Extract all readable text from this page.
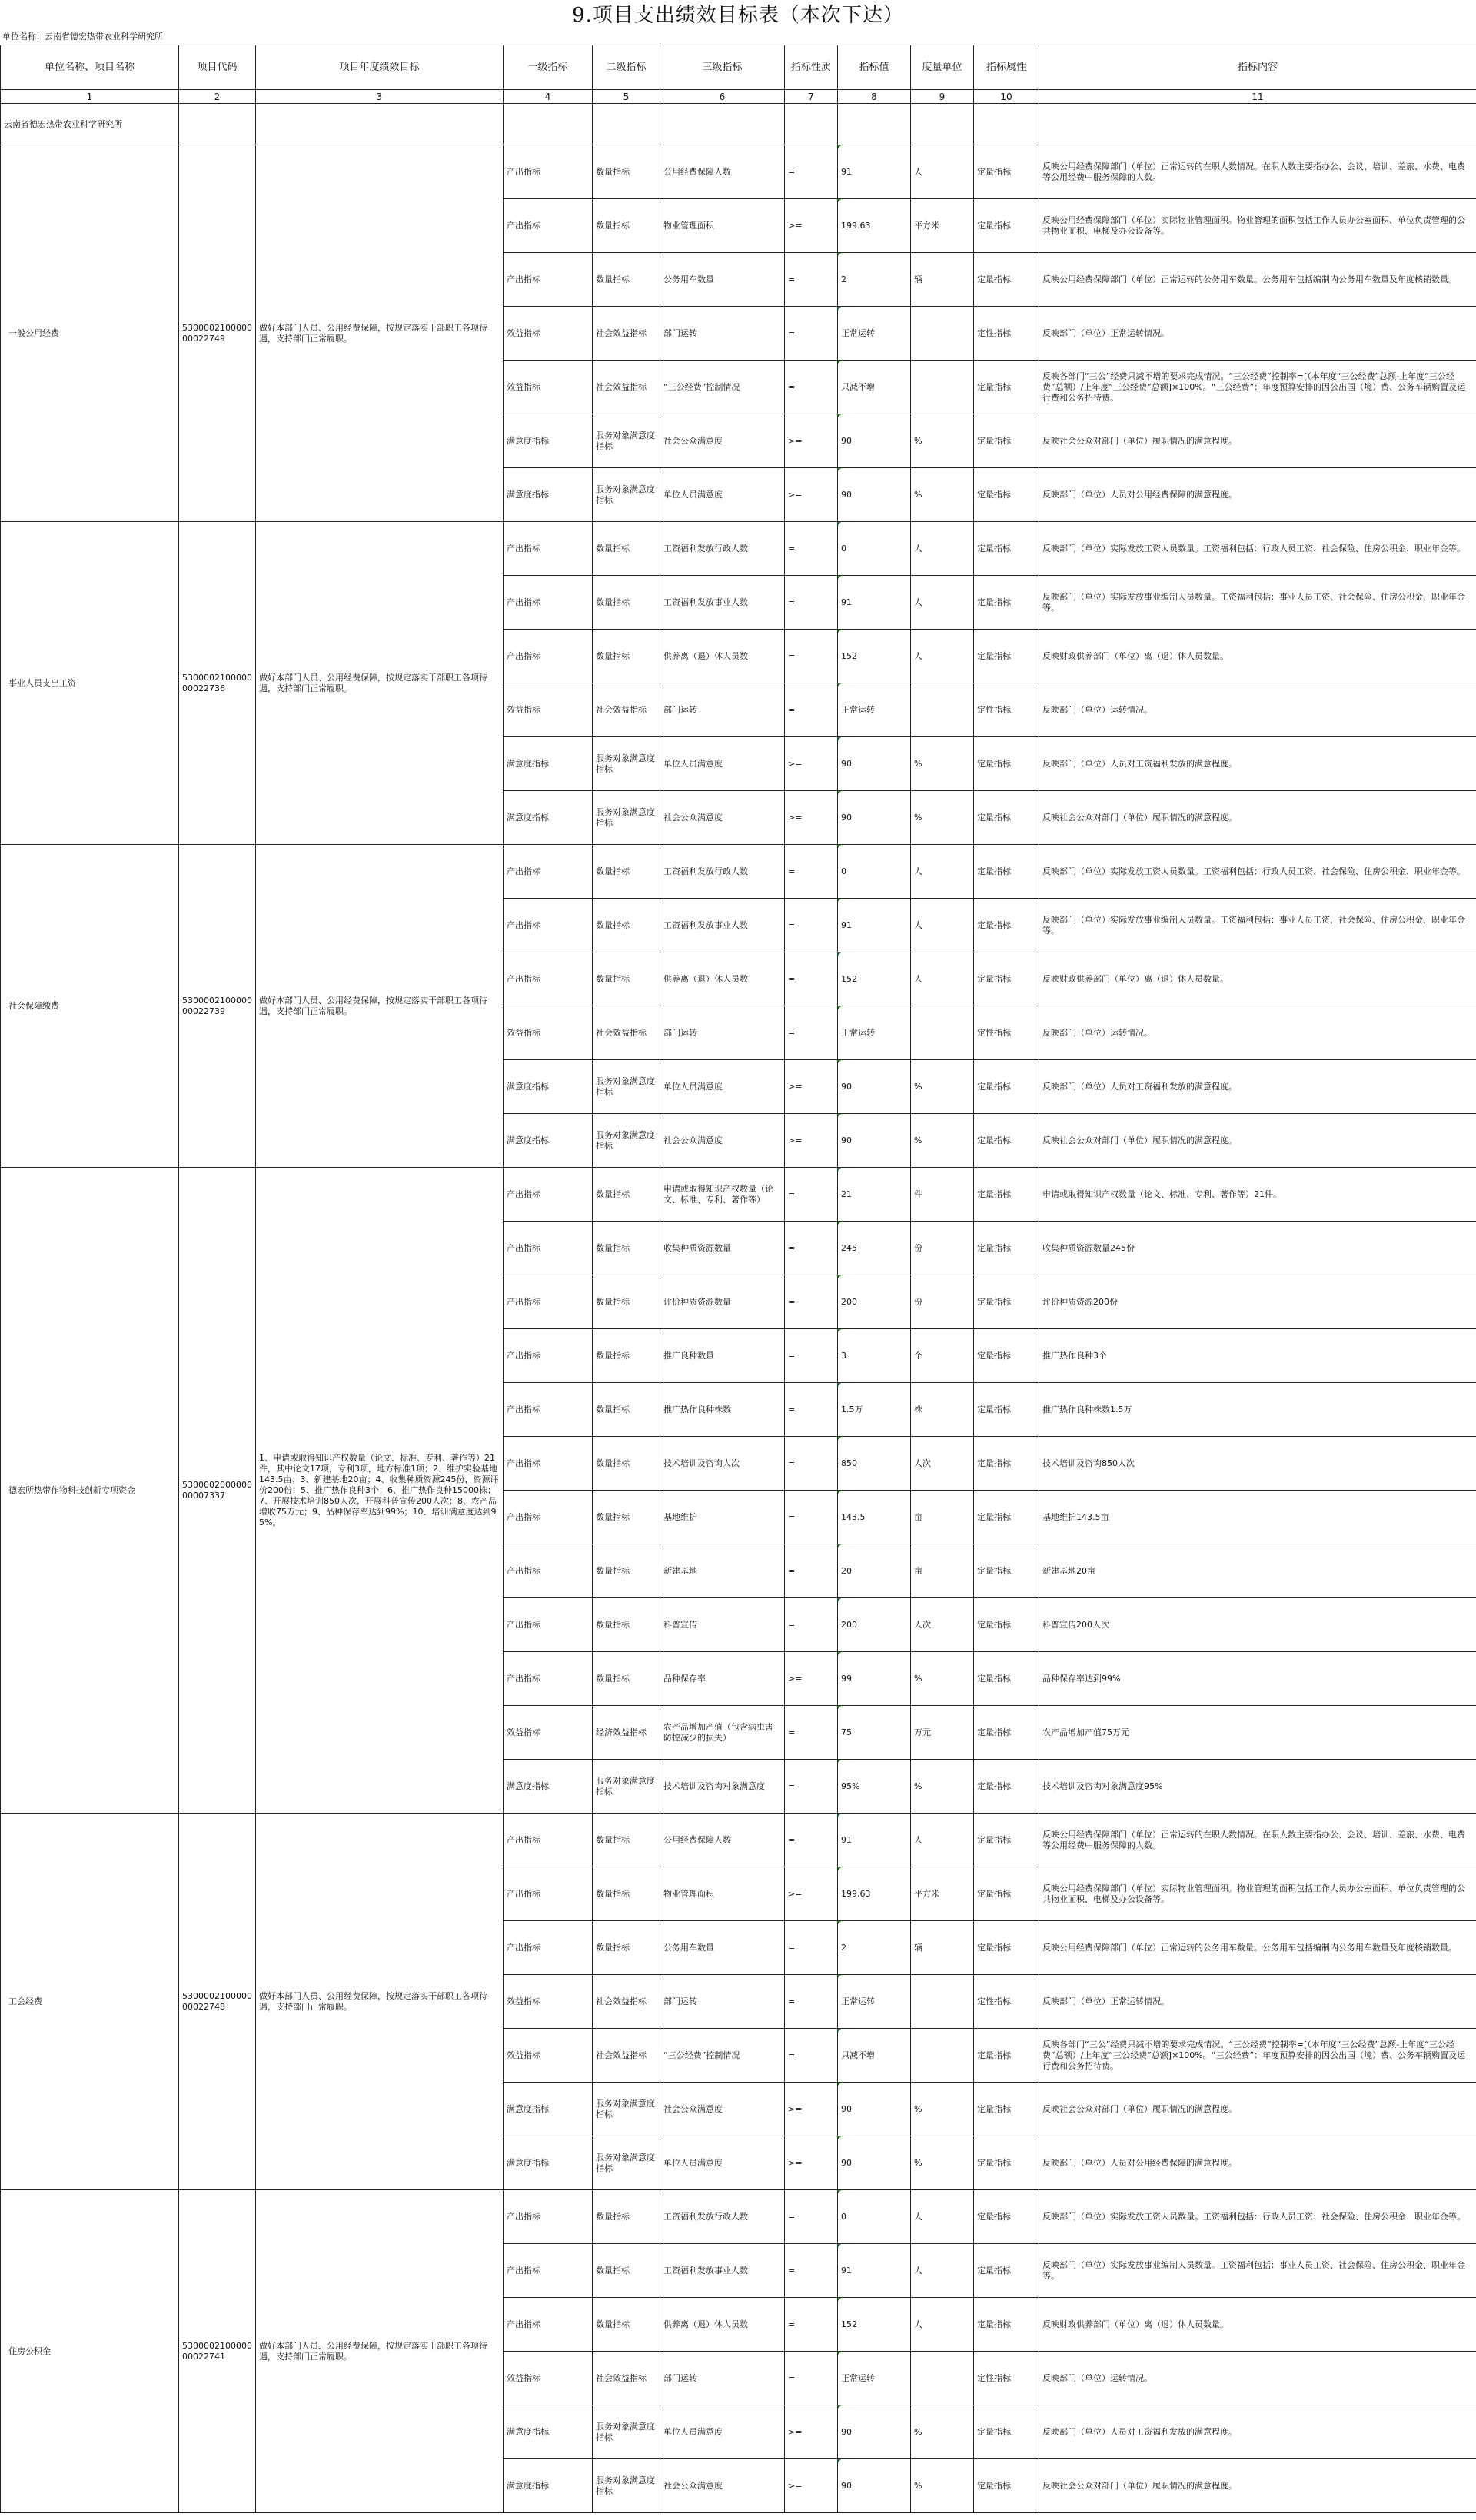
9.项目支出绩效目标表（本次下达）
单位名称：云南省德宏热带农业科学研究所
单位名称、项目名称	项目代码	项目年度绩效目标	一级指标	二级指标	三级指标	指标性质	指标值	度量单位	指标属性	指标内容
1	2	3	4	5	6	7	8	9	10	11
云南省德宏热带农业科学研究所										
一般公用经费	530000210000000022749	做好本部门人员、公用经费保障，按规定落实干部职工各项待遇，支持部门正常履职。	产出指标	数量指标	公用经费保障人数	=	91	人	定量指标	反映公用经费保障部门（单位）正常运转的在职人数情况。在职人数主要指办公、会议、培训、差旅、水费、电费等公用经费中服务保障的人数。
			产出指标	数量指标	物业管理面积	>=	199.63	平方米	定量指标	反映公用经费保障部门（单位）实际物业管理面积。物业管理的面积包括工作人员办公室面积、单位负责管理的公共物业面积、电梯及办公设备等。
			产出指标	数量指标	公务用车数量	=	2	辆	定量指标	反映公用经费保障部门（单位）正常运转的公务用车数量。公务用车包括编制内公务用车数量及年度核销数量。
			效益指标	社会效益指标	部门运转	=	正常运转		定性指标	反映部门（单位）正常运转情况。
			效益指标	社会效益指标	“三公经费”控制情况	=	只减不增		定量指标	反映各部门“三公”经费只减不增的要求完成情况。“三公经费”控制率=[（本年度“三公经费”总额-上年度“三公经费”总额）/上年度“三公经费”总额]×100%。“三公经费”：年度预算安排的因公出国（境）费、公务车辆购置及运行费和公务招待费。
			满意度指标	服务对象满意度指标	社会公众满意度	>=	90	%	定量指标	反映社会公众对部门（单位）履职情况的满意程度。
			满意度指标	服务对象满意度指标	单位人员满意度	>=	90	%	定量指标	反映部门（单位）人员对公用经费保障的满意程度。
事业人员支出工资	530000210000000022736	做好本部门人员、公用经费保障，按规定落实干部职工各项待遇，支持部门正常履职。	产出指标	数量指标	工资福利发放行政人数	=	0	人	定量指标	反映部门（单位）实际发放工资人员数量。工资福利包括：行政人员工资、社会保险、住房公积金、职业年金等。
			产出指标	数量指标	工资福利发放事业人数	=	91	人	定量指标	反映部门（单位）实际发放事业编制人员数量。工资福利包括：事业人员工资、社会保险、住房公积金、职业年金等。
			产出指标	数量指标	供养离（退）休人员数	=	152	人	定量指标	反映财政供养部门（单位）离（退）休人员数量。
			效益指标	社会效益指标	部门运转	=	正常运转		定性指标	反映部门（单位）运转情况。
			满意度指标	服务对象满意度指标	单位人员满意度	>=	90	%	定量指标	反映部门（单位）人员对工资福利发放的满意程度。
			满意度指标	服务对象满意度指标	社会公众满意度	>=	90	%	定量指标	反映社会公众对部门（单位）履职情况的满意程度。
社会保障缴费	530000210000000022739	做好本部门人员、公用经费保障，按规定落实干部职工各项待遇，支持部门正常履职。	产出指标	数量指标	工资福利发放行政人数	=	0	人	定量指标	反映部门（单位）实际发放工资人员数量。工资福利包括：行政人员工资、社会保险、住房公积金、职业年金等。
			产出指标	数量指标	工资福利发放事业人数	=	91	人	定量指标	反映部门（单位）实际发放事业编制人员数量。工资福利包括：事业人员工资、社会保险、住房公积金、职业年金等。
			产出指标	数量指标	供养离（退）休人员数	=	152	人	定量指标	反映财政供养部门（单位）离（退）休人员数量。
			效益指标	社会效益指标	部门运转	=	正常运转		定性指标	反映部门（单位）运转情况。
			满意度指标	服务对象满意度指标	单位人员满意度	>=	90	%	定量指标	反映部门（单位）人员对工资福利发放的满意程度。
			满意度指标	服务对象满意度指标	社会公众满意度	>=	90	%	定量指标	反映社会公众对部门（单位）履职情况的满意程度。
德宏所热带作物科技创新专项资金	530000200000000007337	1、申请或取得知识产权数量（论文、标准、专利、著作等）21件，其中论文17项，专利3项，地方标准1项；2、维护实验基地143.5亩；3、新建基地20亩；4、收集种质资源245份，资源评价200份；5、推广热作良种3个；6、推广热作良种15000株；7、开展技术培训850人次，开展科普宣传200人次；8、农产品增收75万元；9、品种保存率达到99%；10、培训满意度达到95%。	产出指标	数量指标	申请或取得知识产权数量（论文、标准、专利、著作等）	=	21	件	定量指标	申请或取得知识产权数量（论文、标准、专利、著作等）21件。
			产出指标	数量指标	收集种质资源数量	=	245	份	定量指标	收集种质资源数量245份
			产出指标	数量指标	评价种质资源数量	=	200	份	定量指标	评价种质资源200份
			产出指标	数量指标	推广良种数量	=	3	个	定量指标	推广热作良种3个
			产出指标	数量指标	推广热作良种株数	=	1.5万	株	定量指标	推广热作良种株数1.5万
			产出指标	数量指标	技术培训及咨询人次	=	850	人次	定量指标	技术培训及咨询850人次
			产出指标	数量指标	基地维护	=	143.5	亩	定量指标	基地维护143.5亩
			产出指标	数量指标	新建基地	=	20	亩	定量指标	新建基地20亩
			产出指标	数量指标	科普宣传	=	200	人次	定量指标	科普宣传200人次
			产出指标	数量指标	品种保存率	>=	99	%	定量指标	品种保存率达到99%
			效益指标	经济效益指标	农产品增加产值（包含病虫害防控减少的损失）	=	75	万元	定量指标	农产品增加产值75万元
			满意度指标	服务对象满意度指标	技术培训及咨询对象满意度	=	95%	%	定量指标	技术培训及咨询对象满意度95%
工会经费	530000210000000022748	做好本部门人员、公用经费保障，按规定落实干部职工各项待遇，支持部门正常履职。	产出指标	数量指标	公用经费保障人数	=	91	人	定量指标	反映公用经费保障部门（单位）正常运转的在职人数情况。在职人数主要指办公、会议、培训、差旅、水费、电费等公用经费中服务保障的人数。
			产出指标	数量指标	物业管理面积	>=	199.63	平方米	定量指标	反映公用经费保障部门（单位）实际物业管理面积。物业管理的面积包括工作人员办公室面积、单位负责管理的公共物业面积、电梯及办公设备等。
			产出指标	数量指标	公务用车数量	=	2	辆	定量指标	反映公用经费保障部门（单位）正常运转的公务用车数量。公务用车包括编制内公务用车数量及年度核销数量。
			效益指标	社会效益指标	部门运转	=	正常运转		定性指标	反映部门（单位）正常运转情况。
			效益指标	社会效益指标	“三公经费”控制情况	=	只减不增		定量指标	反映各部门“三公”经费只减不增的要求完成情况。“三公经费”控制率=[（本年度“三公经费”总额-上年度“三公经费”总额）/上年度“三公经费”总额]×100%。“三公经费”：年度预算安排的因公出国（境）费、公务车辆购置及运行费和公务招待费。
			满意度指标	服务对象满意度指标	社会公众满意度	>=	90	%	定量指标	反映社会公众对部门（单位）履职情况的满意程度。
			满意度指标	服务对象满意度指标	单位人员满意度	>=	90	%	定量指标	反映部门（单位）人员对公用经费保障的满意程度。
住房公积金	530000210000000022741	做好本部门人员、公用经费保障，按规定落实干部职工各项待遇，支持部门正常履职。	产出指标	数量指标	工资福利发放行政人数	=	0	人	定量指标	反映部门（单位）实际发放工资人员数量。工资福利包括：行政人员工资、社会保险、住房公积金、职业年金等。
			产出指标	数量指标	工资福利发放事业人数	=	91	人	定量指标	反映部门（单位）实际发放事业编制人员数量。工资福利包括：事业人员工资、社会保险、住房公积金、职业年金等。
			产出指标	数量指标	供养离（退）休人员数	=	152	人	定量指标	反映财政供养部门（单位）离（退）休人员数量。
			效益指标	社会效益指标	部门运转	=	正常运转		定性指标	反映部门（单位）运转情况。
			满意度指标	服务对象满意度指标	单位人员满意度	>=	90	%	定量指标	反映部门（单位）人员对工资福利发放的满意程度。
			满意度指标	服务对象满意度指标	社会公众满意度	>=	90	%	定量指标	反映社会公众对部门（单位）履职情况的满意程度。
